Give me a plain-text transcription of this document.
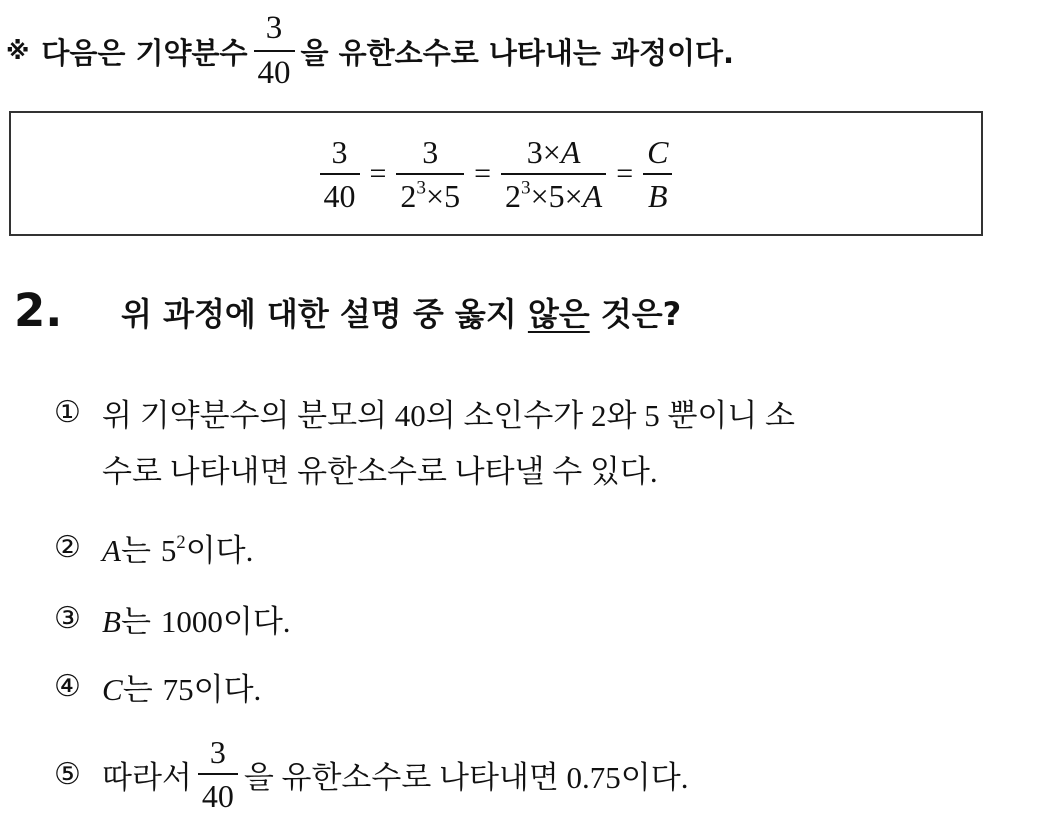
※ 다음은 기약분수 $\frac{3}{40}$ 을 유한소수로 나타내는 과정이다.
$\frac{3}{40} = \frac{3}{2^3\times 5} = \frac{3\times A}{2^3\times 5\times A} = \frac{C}{B}$
2. 위 과정에 대한 설명 중 옳지 않은 것은?
① 위 기약분수의 분모의 40의 소인수가 2와 5 뿐이니 소
수로 나타내면 유한소수로 나타낼 수 있다.
② A는 $5^2$이다.
③ B는 1000이다.
④ C는 75이다.
⑤ 따라서 $\frac{3}{40}$ 을 유한소수로 나타내면 0.75이다.
